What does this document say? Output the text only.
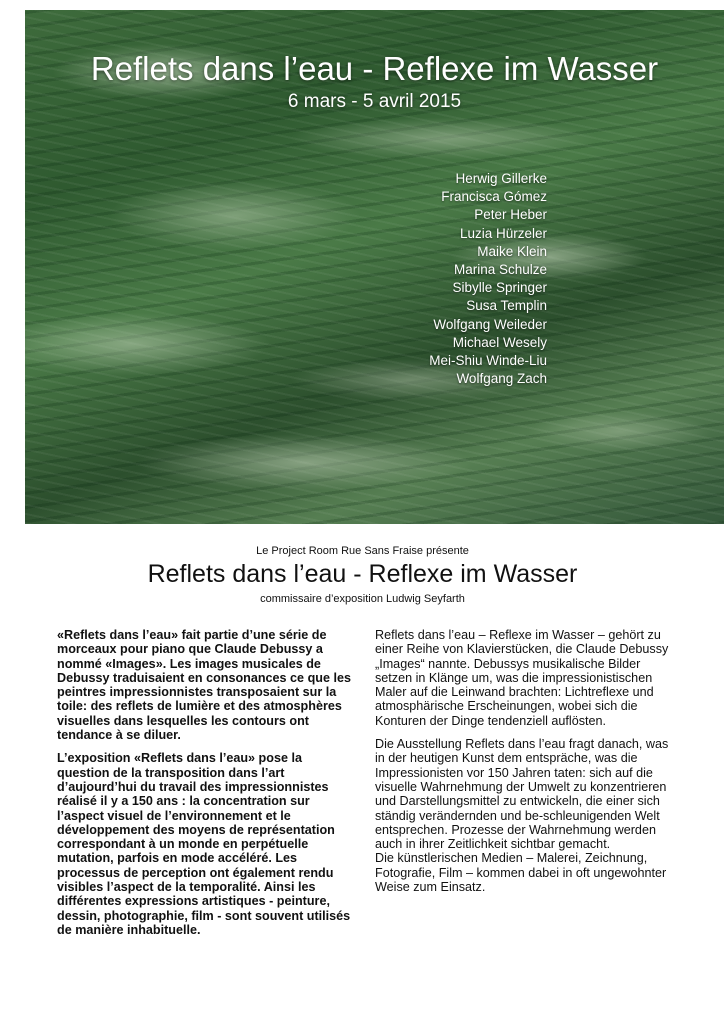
Reflets dans l’eau - Reflexe im Wasser

6 mars - 5 avril 2015

Herwig Gillerke
Francisca Gómez
Peter Heber
Luzia Hürzeler
Maike Klein
Marina Schulze
Sibylle Springer
Susa Templin
Wolfgang Weileder
Michael Wesely
Mei-Shiu Winde-Liu
Wolfgang Zach

Le Project Room Rue Sans Fraise présente

Reflets dans l’eau - Reflexe im Wasser

commissaire d’exposition Ludwig Seyfarth

«Reflets dans l’eau» fait partie d’une série de morceaux pour piano que Claude Debussy a nommé «Images». Les images musicales de Debussy traduisaient en consonances ce que les peintres impressionnistes transposaient sur la toile: des reflets de lumière et des atmosphères visuelles dans lesquelles les contours ont tendance à se diluer.

L’exposition «Reflets dans l’eau» pose la question de la transposition dans l’art d’aujourd’hui du travail des impressionnistes réalisé il y a 150 ans : la concentration sur l’aspect visuel de l’environnement et le développement des moyens de représentation correspondant à un monde en perpétuelle mutation, parfois en mode accéléré. Les processus de perception ont également rendu visibles l’aspect de la temporalité. Ainsi les différentes expressions artistiques - peinture, dessin, photographie, film - sont souvent utilisés de manière inhabituelle.

Reflets dans l’eau – Reflexe im Wasser – gehört zu einer Reihe von Klavierstücken, die Claude Debussy „Images“ nannte. Debussys musikalische Bilder setzen in Klänge um, was die impressionistischen Maler auf die Leinwand brachten: Lichtreflexe und atmosphärische Erscheinungen, wobei sich die Konturen der Dinge tendenziell auflösten.

Die Ausstellung Reflets dans l’eau fragt danach, was in der heutigen Kunst dem entspräche, was die Impressionisten vor 150 Jahren taten: sich auf die visuelle Wahrnehmung der Umwelt zu konzentrieren und Darstellungsmittel zu entwickeln, die einer sich ständig verändernden und be-schleunigenden Welt entsprechen. Prozesse der Wahrnehmung werden auch in ihrer Zeitlichkeit sichtbar gemacht.

Die künstlerischen Medien – Malerei, Zeichnung, Fotografie, Film – kommen dabei in oft ungewohnter Weise zum Einsatz.
